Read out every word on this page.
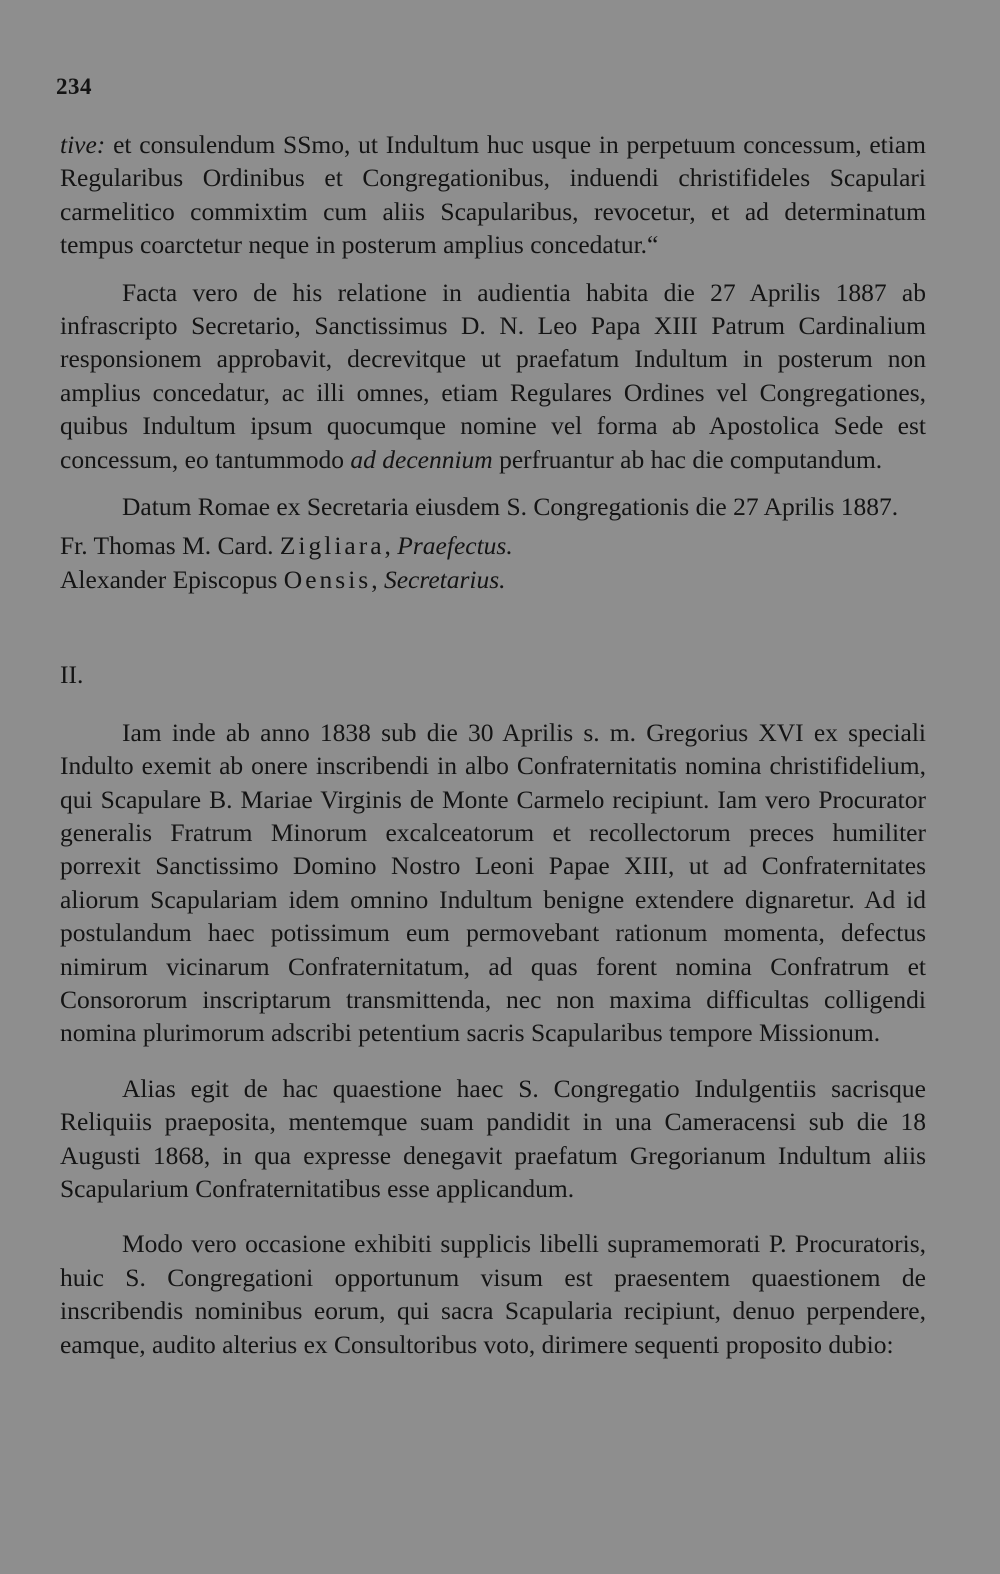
234

tive: et consulendum SSmo, ut Indultum huc usque in perpetuum concessum, etiam Regularibus Ordinibus et Congregationibus, induendi christifideles Scapulari carmelitico commixtim cum aliis Scapularibus, revocetur, et ad determinatum tempus coarctetur neque in posterum amplius concedatur.“

Facta vero de his relatione in audientia habita die 27 Aprilis 1887 ab infrascripto Secretario, Sanctissimus D. N. Leo Papa XIII Patrum Cardinalium responsionem approbavit, decrevitque ut praefatum Indultum in posterum non amplius concedatur, ac illi omnes, etiam Regulares Ordines vel Congregationes, quibus Indultum ipsum quocumque nomine vel forma ab Apostolica Sede est concessum, eo tantummodo ad decennium perfruantur ab hac die computandum.

Datum Romae ex Secretaria eiusdem S. Congregationis die 27 Aprilis 1887.

Fr. Thomas M. Card. Zigliara, Praefectus.

Alexander Episcopus Oensis, Secretarius.

II.

Iam inde ab anno 1838 sub die 30 Aprilis s. m. Gregorius XVI ex speciali Indulto exemit ab onere inscribendi in albo Confraternitatis nomina christifidelium, qui Scapulare B. Mariae Virginis de Monte Carmelo recipiunt. Iam vero Procurator generalis Fratrum Minorum excalceatorum et recollectorum preces humiliter porrexit Sanctissimo Domino Nostro Leoni Papae XIII, ut ad Confraternitates aliorum Scapulariam idem omnino Indultum benigne extendere dignaretur. Ad id postulandum haec potissimum eum permovebant rationum momenta, defectus nimirum vicinarum Confraternitatum, ad quas forent nomina Confratrum et Consororum inscriptarum transmittenda, nec non maxima difficultas colligendi nomina plurimorum adscribi petentium sacris Scapularibus tempore Missionum.

Alias egit de hac quaestione haec S. Congregatio Indulgentiis sacrisque Reliquiis praeposita, mentemque suam pandidit in una Cameracensi sub die 18 Augusti 1868, in qua expresse denegavit praefatum Gregorianum Indultum aliis Scapularium Confraternitatibus esse applicandum.

Modo vero occasione exhibiti supplicis libelli supramemorati P. Procuratoris, huic S. Congregationi opportunum visum est praesentem quaestionem de inscribendis nominibus eorum, qui sacra Scapularia recipiunt, denuo perpendere, eamque, audito alterius ex Consultoribus voto, dirimere sequenti proposito dubio:
